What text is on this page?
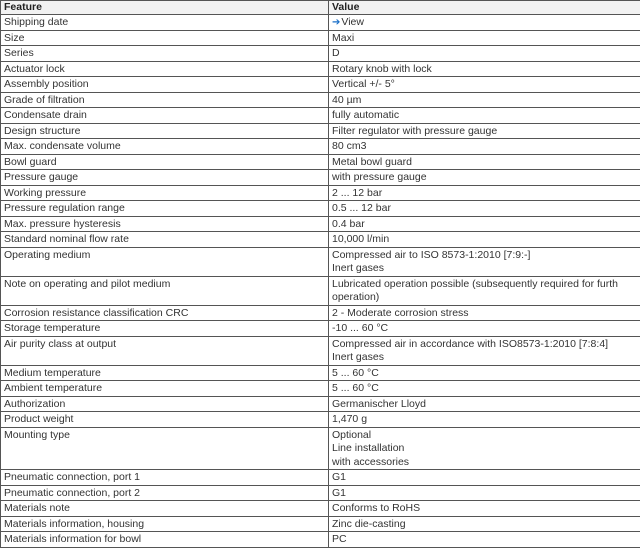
Feature	Value
Shipping date	➔View
Size	Maxi

Series	D

Actuator lock	Rotary knob with lock

Assembly position	Vertical +/- 5°

Grade of filtration	40 µm

Condensate drain	fully automatic

Design structure	Filter regulator with pressure gauge

Max. condensate volume	80 cm3

Bowl guard	Metal bowl guard

Pressure gauge	with pressure gauge

Working pressure	2 ... 12 bar

Pressure regulation range	0.5 ... 12 bar

Max. pressure hysteresis	0.4 bar

Standard nominal flow rate	10,000 l/min

Operating medium	Compressed air to ISO 8573-1:2010 [7:9:-]
Inert gases

Note on operating and pilot medium	Lubricated operation possible (subsequently required for furth
operation)

Corrosion resistance classification CRC	2 - Moderate corrosion stress

Storage temperature	-10 ... 60 °C

Air purity class at output	Compressed air in accordance with ISO8573-1:2010 [7:8:4]
Inert gases

Medium temperature	5 ... 60 °C

Ambient temperature	5 ... 60 °C

Authorization	Germanischer Lloyd

Product weight	1,470 g

Mounting type	Optional
Line installation
with accessories

Pneumatic connection, port 1	G1

Pneumatic connection, port 2	G1

Materials note	Conforms to RoHS

Materials information, housing	Zinc die-casting

Materials information for bowl	PC
